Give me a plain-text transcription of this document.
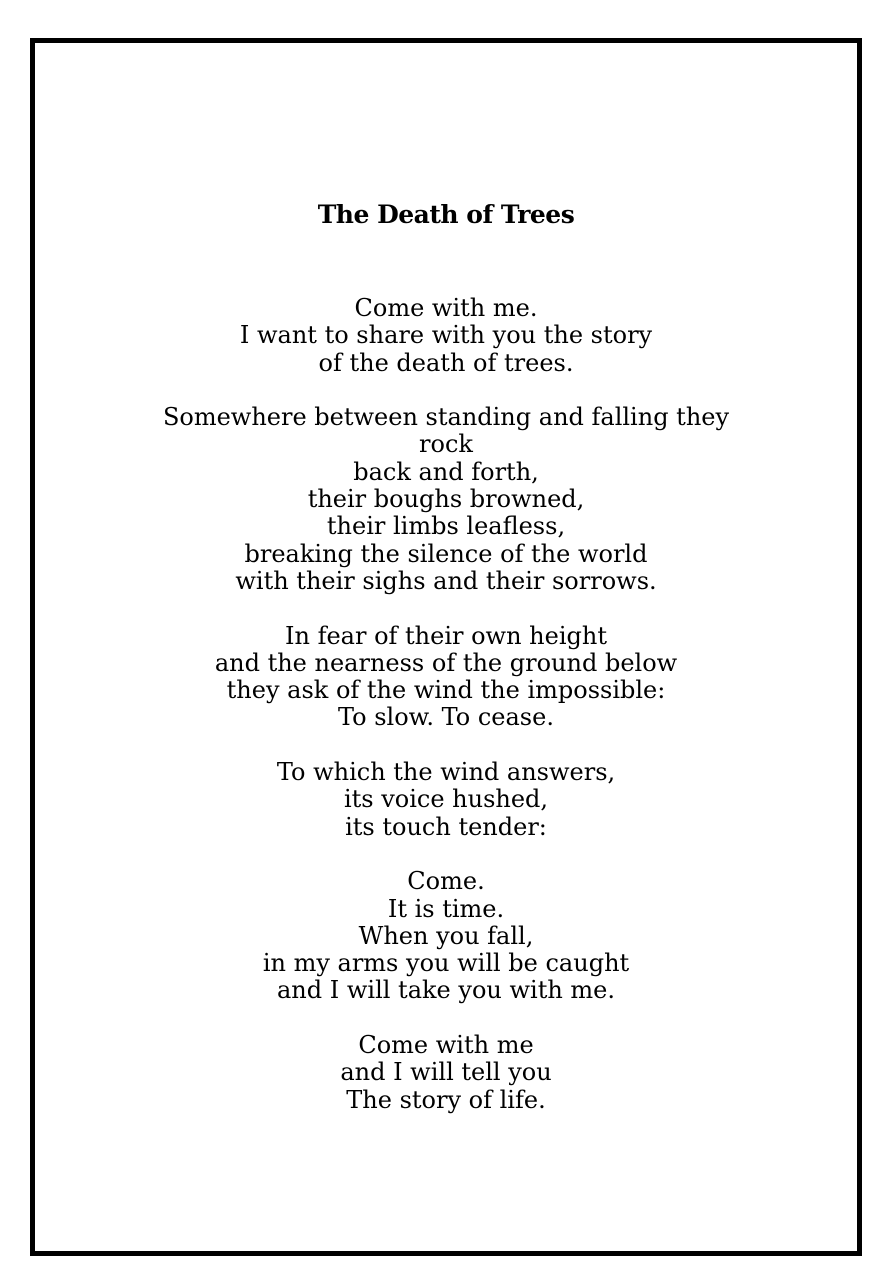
The Death of Trees
Come with me.
I want to share with you the story
of the death of trees.
Somewhere between standing and falling they
rock
back and forth,
their boughs browned,
their limbs leafless,
breaking the silence of the world
with their sighs and their sorrows.
In fear of their own height
and the nearness of the ground below
they ask of the wind the impossible:
To slow. To cease.
To which the wind answers,
its voice hushed,
its touch tender:
Come.
It is time.
When you fall,
in my arms you will be caught
and I will take you with me.
Come with me
and I will tell you
The story of life.
